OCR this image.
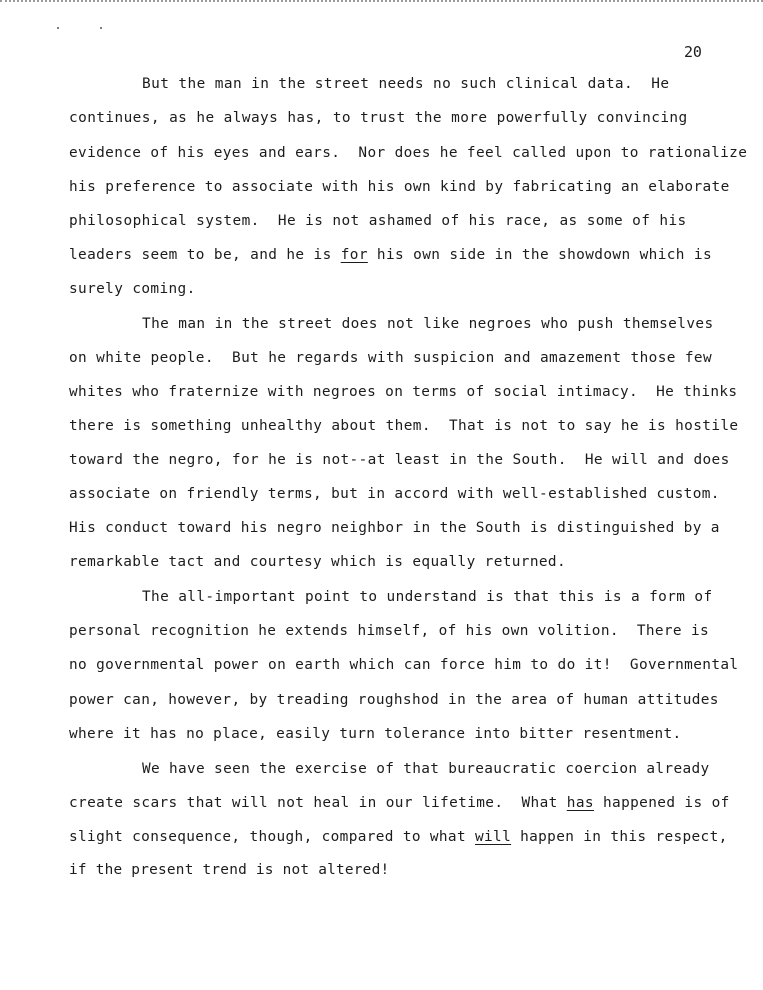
20
But the man in the street needs no such clinical data.  He
continues, as he always has, to trust the more powerfully convincing
evidence of his eyes and ears.  Nor does he feel called upon to rationalize
his preference to associate with his own kind by fabricating an elaborate
philosophical system.  He is not ashamed of his race, as some of his
leaders seem to be, and he is for his own side in the showdown which is
surely coming.
The man in the street does not like negroes who push themselves
on white people.  But he regards with suspicion and amazement those few
whites who fraternize with negroes on terms of social intimacy.  He thinks
there is something unhealthy about them.  That is not to say he is hostile
toward the negro, for he is not--at least in the South.  He will and does
associate on friendly terms, but in accord with well-established custom.
His conduct toward his negro neighbor in the South is distinguished by a
remarkable tact and courtesy which is equally returned.
The all-important point to understand is that this is a form of
personal recognition he extends himself, of his own volition.  There is
no governmental power on earth which can force him to do it!  Governmental
power can, however, by treading roughshod in the area of human attitudes
where it has no place, easily turn tolerance into bitter resentment.
We have seen the exercise of that bureaucratic coercion already
create scars that will not heal in our lifetime.  What has happened is of
slight consequence, though, compared to what will happen in this respect,
if the present trend is not altered!
